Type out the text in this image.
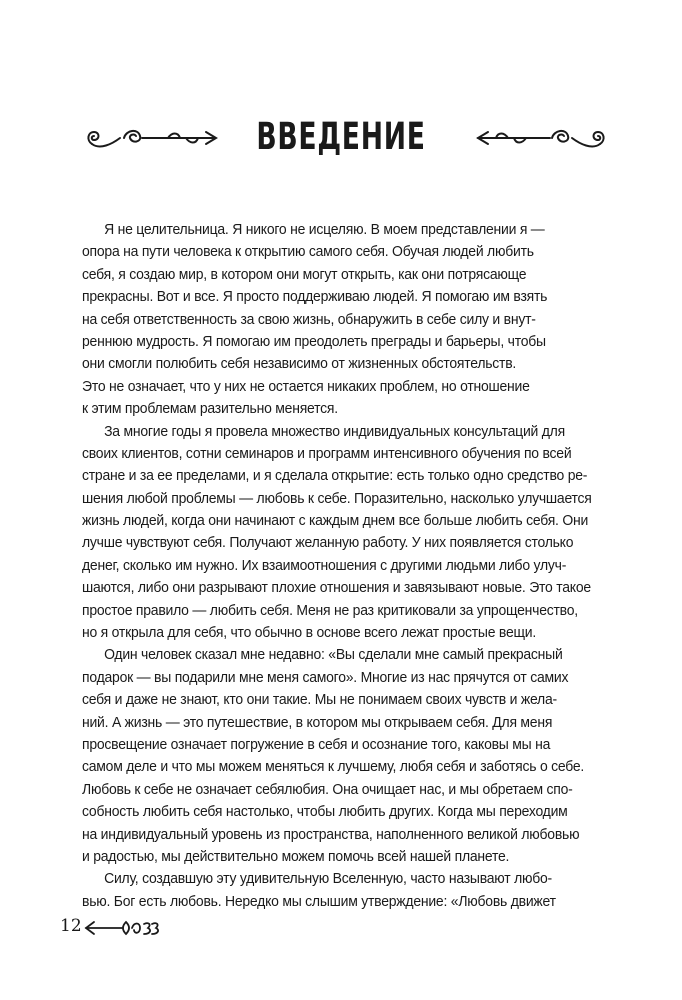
ВВЕДЕНИЕ
Я не целительница. Я никого не исцеляю. В моем представлении я —
опора на пути человека к открытию самого себя. Обучая людей любить
себя, я создаю мир, в котором они могут открыть, как они потрясающе
прекрасны. Вот и все. Я просто поддерживаю людей. Я помогаю им взять
на себя ответственность за свою жизнь, обнаружить в себе силу и внут-
реннюю мудрость. Я помогаю им преодолеть преграды и барьеры, чтобы
они смогли полюбить себя независимо от жизненных обстоятельств.
Это не означает, что у них не остается никаких проблем, но отношение
к этим проблемам разительно меняется.
За многие годы я провела множество индивидуальных консультаций для
своих клиентов, сотни семинаров и программ интенсивного обучения по всей
стране и за ее пределами, и я сделала открытие: есть только одно средство ре-
шения любой проблемы — любовь к себе. Поразительно, насколько улучшается
жизнь людей, когда они начинают с каждым днем все больше любить себя. Они
лучше чувствуют себя. Получают желанную работу. У них появляется столько
денег, сколько им нужно. Их взаимоотношения с другими людьми либо улуч-
шаются, либо они разрывают плохие отношения и завязывают новые. Это такое
простое правило — любить себя. Меня не раз критиковали за упрощенчество,
но я открыла для себя, что обычно в основе всего лежат простые вещи.
Один человек сказал мне недавно: «Вы сделали мне самый прекрасный
подарок — вы подарили мне меня самого». Многие из нас прячутся от самих
себя и даже не знают, кто они такие. Мы не понимаем своих чувств и жела-
ний. А жизнь — это путешествие, в котором мы открываем себя. Для меня
просвещение означает погружение в себя и осознание того, каковы мы на
самом деле и что мы можем меняться к лучшему, любя себя и заботясь о себе.
Любовь к себе не означает себялюбия. Она очищает нас, и мы обретаем спо-
собность любить себя настолько, чтобы любить других. Когда мы переходим
на индивидуальный уровень из пространства, наполненного великой любовью
и радостью, мы действительно можем помочь всей нашей планете.
Силу, создавшую эту удивительную Вселенную, часто называют любо-
вью. Бог есть любовь. Нередко мы слышим утверждение: «Любовь движет
12
